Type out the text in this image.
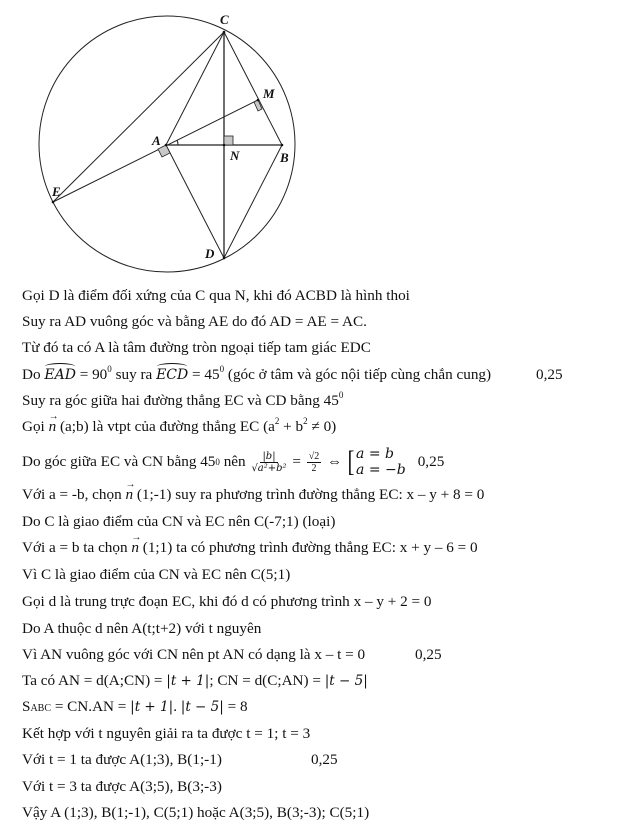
C
M
A
N	B
E
D
Gọi D là điểm đối xứng của C qua N, khi đó ACBD là hình thoi
Suy ra AD vuông góc và bằng AE do đó AD = AE = AC.
Từ đó ta có A là tâm đường tròn ngoại tiếp tam giác EDC
Do EAD = $90^0$ suy ra ECD = $45^0$ (góc ở tâm và góc nội tiếp cùng chắn cung)	0,25
Suy ra góc giữa hai đường thẳng EC và CD bằng $45^0$
Gọi → n (a;b) là vtpt của đường thẳng EC $(a^2 + b^2 \ne 0)$
Do góc giữa EC và CN bằng 45 0 nên $\frac{|b|}{\text{√a²+b²}} = \frac{√2}{2}$ ⇔ [ a = b
a = −b 0,25
Với a = -b, chọn → n (1;-1) suy ra phương trình đường thẳng EC: x – y + 8 = 0
Do C là giao điểm của CN và EC nên C(-7;1) (loại)
Với a = b ta chọn → n (1;1) ta có phương trình đường thẳng EC: x + y – 6 = 0
Vì C là giao điểm của CN và EC nên C(5;1)
Gọi d là trung trực đoạn EC, khi đó d có phương trình x – y + 2 = 0
Do A thuộc d nên A(t;t+2) với t nguyên
Vì AN vuông góc với CN nên pt AN có dạng là x – t = 0	0,25
Ta có AN = d(A;CN) = |t + 1|; CN = d(C;AN) = |t − 5|
SABC = CN.AN = |t + 1|. |t − 5| = 8
Kết hợp với t nguyên giải ra ta được t = 1; t = 3
Với t = 1 ta được A(1;3), B(1;-1)	0,25
Với t = 3 ta được A(3;5), B(3;-3)
Vậy A (1;3), B(1;-1), C(5;1) hoặc A(3;5), B(3;-3); C(5;1)
